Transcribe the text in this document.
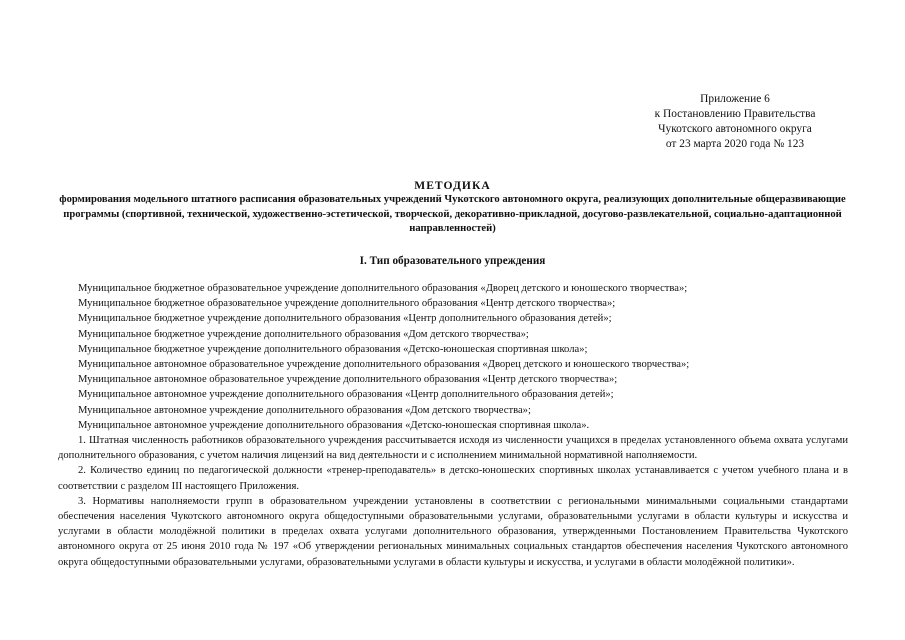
Приложение 6
к Постановлению Правительства
Чукотского автономного округа
от 23 марта 2020 года № 123
МЕТОДИКА
формирования модельного штатного расписания образовательных учреждений Чукотского автономного округа, реализующих дополнительные общеразвивающие программы (спортивной, технической, художественно-эстетической, творческой, декоративно-прикладной, досугово-развлекательной, социально-адаптационной направленностей)
I. Тип образовательного упреждения
Муниципальное бюджетное образовательное учреждение дополнительного образования «Дворец детского и юношеского творчества»;
Муниципальное бюджетное образовательное учреждение дополнительного образования «Центр детского творчества»;
Муниципальное бюджетное учреждение дополнительного образования «Центр дополнительного образования детей»;
Муниципальное бюджетное учреждение дополнительного образования «Дом детского творчества»;
Муниципальное бюджетное учреждение дополнительного образования «Детско-юношеская спортивная школа»;
Муниципальное автономное образовательное учреждение дополнительного образования «Дворец детского и юношеского творчества»;
Муниципальное автономное образовательное учреждение дополнительного образования «Центр детского творчества»;
Муниципальное автономное учреждение дополнительного образования «Центр дополнительного образования детей»;
Муниципальное автономное учреждение дополнительного образования «Дом детского творчества»;
Муниципальное автономное учреждение дополнительного образования «Детско-юношеская спортивная школа».

1. Штатная численность работников образовательного учреждения рассчитывается исходя из численности учащихся в пределах установленного объема охвата услугами дополнительного образования, с учетом наличия лицензий на вид деятельности и с исполнением минимальной нормативной наполняемости.

2. Количество единиц по педагогической должности «тренер-преподаватель» в детско-юношеских спортивных школах устанавливается с учетом учебного плана и в соответствии с разделом III настоящего Приложения.

3. Нормативы наполняемости групп в образовательном учреждении установлены в соответствии с региональными минимальными социальными стандартами обеспечения населения Чукотского автономного округа общедоступными образовательными услугами, образовательными услугами в области культуры и искусства и услугами в области молодёжной политики в пределах охвата услугами дополнительного образования, утвержденными Постановлением Правительства Чукотского автономного округа от 25 июня 2010 года № 197 «Об утверждении региональных минимальных социальных стандартов обеспечения населения Чукотского автономного округа общедоступными образовательными услугами, образовательными услугами в области культуры и искусства, и услугами в области молодёжной политики».
